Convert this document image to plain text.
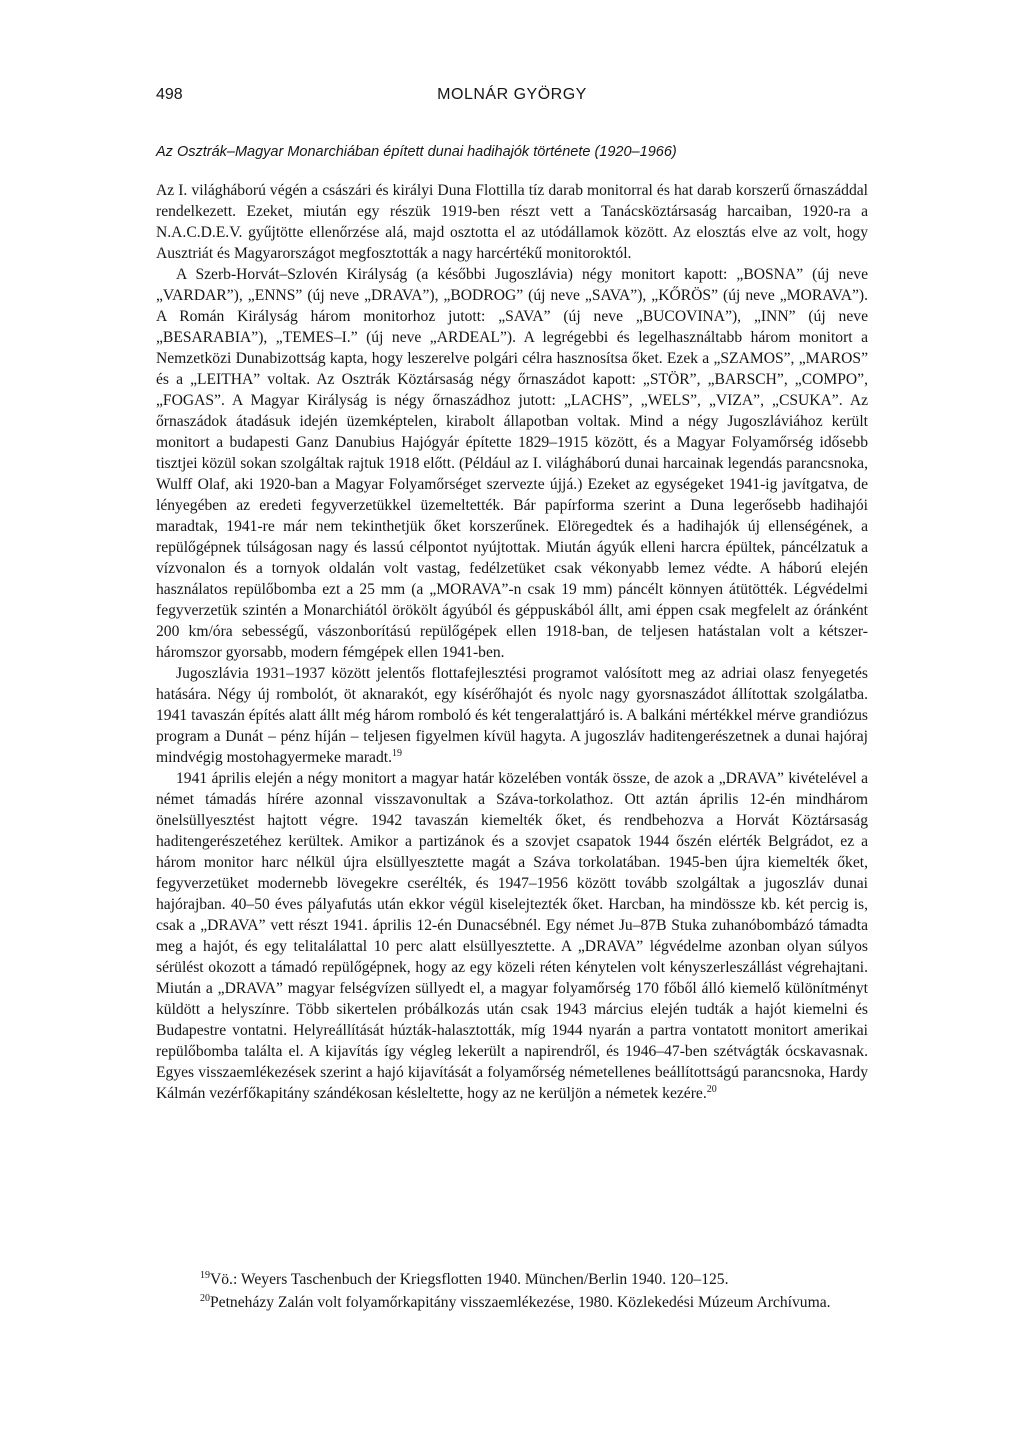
498	MOLNÁR GYÖRGY
Az Osztrák–Magyar Monarchiában épített dunai hadihajók története (1920–1966)

Az I. világháború végén a császári és királyi Duna Flottilla tíz darab monitorral és hat darab korszerű őrnaszáddal rendelkezett. Ezeket, miután egy részük 1919-ben részt vett a Tanácsköztársaság harcaiban, 1920-ra a N.A.C.D.E.V. gyűjtötte ellenőrzése alá, majd osztotta el az utódállamok között. Az elosztás elve az volt, hogy Ausztriát és Magyarországot megfosztották a nagy harcértékű monitoroktól.

A Szerb-Horvát–Szlovén Királyság (a későbbi Jugoszlávia) négy monitort kapott: „BOSNA” (új neve „VARDAR”), „ENNS” (új neve „DRAVA”), „BODROG” (új neve „SAVA”), „KŐRÖS” (új neve „MORAVA”). A Román Királyság három monitorhoz jutott: „SAVA” (új neve „BUCOVINA”), „INN” (új neve „BESARABIA”), „TEMES–I.” (új neve „ARDEAL”). A legrégebbi és legelhasználtabb három monitort a Nemzetközi Dunabizottság kapta, hogy leszerelve polgári célra hasznosítsa őket. Ezek a „SZAMOS”, „MAROS” és a „LEITHA” voltak. Az Osztrák Köztársaság négy őrnaszádot kapott: „STÖR”, „BARSCH”, „COMPO”, „FOGAS”. A Magyar Királyság is négy őrnaszádhoz jutott: „LACHS”, „WELS”, „VIZA”, „CSUKA”. Az őrnaszádok átadásuk idején üzemképtelen, kirabolt állapotban voltak. Mind a négy Jugoszláviához került monitort a budapesti Ganz Danubius Hajógyár építette 1829–1915 között, és a Magyar Folyamőrség idősebb tisztjei közül sokan szolgáltak rajtuk 1918 előtt. (Például az I. világháború dunai harcainak legendás parancsnoka, Wulff Olaf, aki 1920-ban a Magyar Folyamőrséget szervezte újjá.) Ezeket az egységeket 1941-ig javítgatva, de lényegében az eredeti fegyverzetükkel üzemeltették. Bár papírforma szerint a Duna legerősebb hadihajói maradtak, 1941-re már nem tekinthetjük őket korszerűnek. Elöregedtek és a hadihajók új ellenségének, a repülőgépnek túlságosan nagy és lassú célpontot nyújtottak. Miután ágyúk elleni harcra épültek, páncélzatuk a vízvonalon és a tornyok oldalán volt vastag, fedélzetüket csak vékonyabb lemez védte. A háború elején használatos repülőbomba ezt a 25 mm (a „MORAVA”-n csak 19 mm) páncélt könnyen átütötték. Légvédelmi fegyverzetük szintén a Monarchiától örökölt ágyúból és géppuskából állt, ami éppen csak megfelelt az óránként 200 km/óra sebességű, vászonborítású repülőgépek ellen 1918-ban, de teljesen hatástalan volt a kétszer-háromszor gyorsabb, modern fémgépek ellen 1941-ben.

Jugoszlávia 1931–1937 között jelentős flottafejlesztési programot valósított meg az adriai olasz fenyegetés hatására. Négy új rombolót, öt aknarakót, egy kísérőhajót és nyolc nagy gyorsnaszádot állítottak szolgálatba. 1941 tavaszán építés alatt állt még három romboló és két tengeralattjáró is. A balkáni mértékkel mérve grandiózus program a Dunát – pénz híján – teljesen figyelmen kívül hagyta. A jugoszláv haditengerészetnek a dunai hajóraj mindvégig mostohagyermeke maradt.$^{19}$

1941 április elején a négy monitort a magyar határ közelében vonták össze, de azok a „DRAVA” kivételével a német támadás hírére azonnal visszavonultak a Száva-torkolathoz. Ott aztán április 12-én mindhárom önelsüllyesztést hajtott végre. 1942 tavaszán kiemelték őket, és rendbehozva a Horvát Köztársaság haditengerészetéhez kerültek. Amikor a partizánok és a szovjet csapatok 1944 őszén elérték Belgrádot, ez a három monitor harc nélkül újra elsüllyesztette magát a Száva torkolatában. 1945-ben újra kiemelték őket, fegyverzetüket modernebb lövegekre cserélték, és 1947–1956 között tovább szolgáltak a jugoszláv dunai hajórajban. 40–50 éves pályafutás után ekkor végül kiselejtezték őket. Harcban, ha mindössze kb. két percig is, csak a „DRAVA” vett részt 1941. április 12-én Dunacsébnél. Egy német Ju–87B Stuka zuhanóbombázó támadta meg a hajót, és egy telitalálattal 10 perc alatt elsüllyesztette. A „DRAVA” légvédelme azonban olyan súlyos sérülést okozott a támadó repülőgépnek, hogy az egy közeli réten kénytelen volt kényszerleszállást végrehajtani. Miután a „DRAVA” magyar felségvízen süllyedt el, a magyar folyamőrség 170 főből álló kiemelő különítményt küldött a helyszínre. Több sikertelen próbálkozás után csak 1943 március elején tudták a hajót kiemelni és Budapestre vontatni. Helyreállítását húzták-halasztották, míg 1944 nyarán a partra vontatott monitort amerikai repülőbomba találta el. A kijavítás így végleg lekerült a napirendről, és 1946–47-ben szétvágták ócskavasnak. Egyes visszaemlékezések szerint a hajó kijavítását a folyamőrség németellenes beállítottságú parancsnoka, Hardy Kálmán vezérfőkapitány szándékosan késleltette, hogy az ne kerüljön a németek kezére.$^{20}$

$^{19}$Vö.: Weyers Taschenbuch der Kriegsflotten 1940. München/Berlin 1940. 120–125.

$^{20}$Petneházy Zalán volt folyamőrkapitány visszaemlékezése, 1980. Közlekedési Múzeum Archívuma.
